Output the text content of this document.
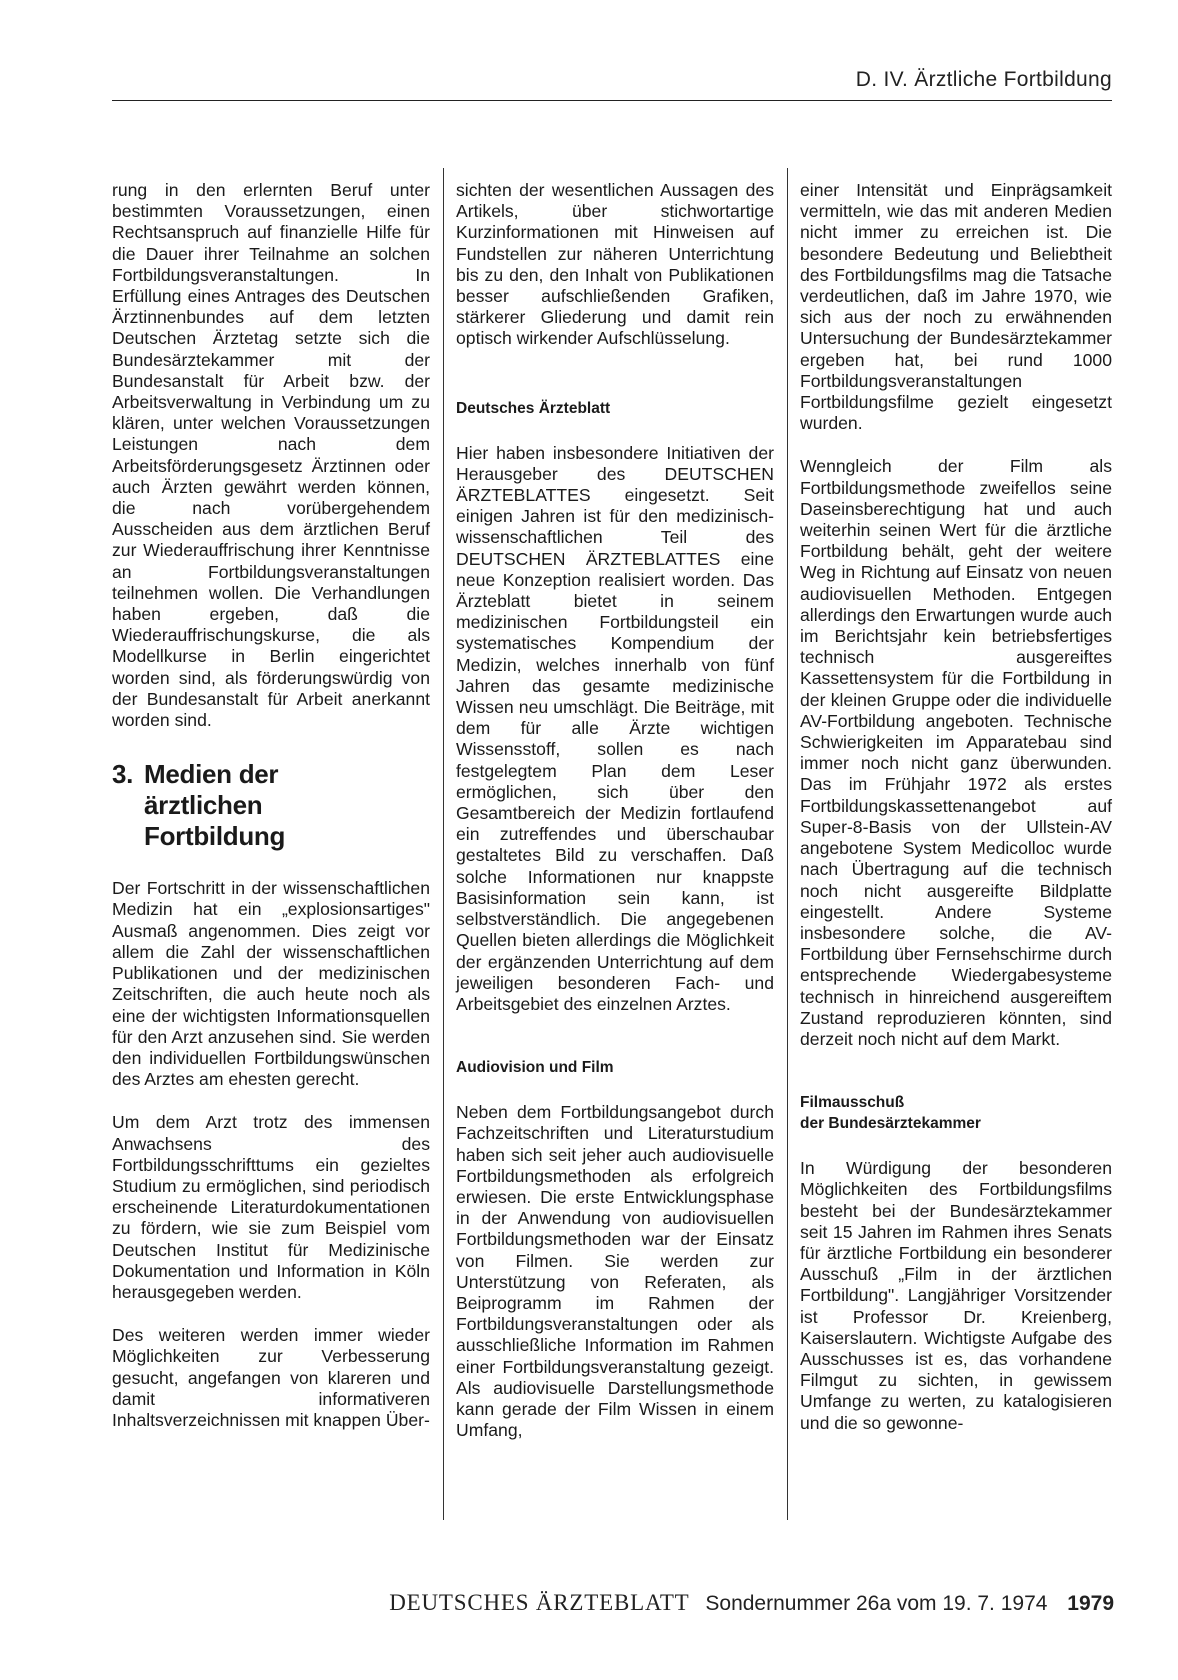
D. IV. Ärztliche Fortbildung

rung in den erlernten Beruf unter bestimmten Voraussetzungen, einen Rechtsanspruch auf finanzielle Hilfe für die Dauer ihrer Teilnahme an solchen Fortbildungsveranstaltungen. In Erfüllung eines Antrages des Deutschen Ärztinnenbundes auf dem letzten Deutschen Ärztetag setzte sich die Bundesärztekammer mit der Bundesanstalt für Arbeit bzw. der Arbeitsverwaltung in Verbindung um zu klären, unter welchen Voraussetzungen Leistungen nach dem Arbeitsförderungsgesetz Ärztinnen oder auch Ärzten gewährt werden können, die nach vorübergehendem Ausscheiden aus dem ärztlichen Beruf zur Wiederauffrischung ihrer Kenntnisse an Fortbildungsveranstaltungen teilnehmen wollen. Die Verhandlungen haben ergeben, daß die Wiederauffrischungskurse, die als Modellkurse in Berlin eingerichtet worden sind, als förderungswürdig von der Bundesanstalt für Arbeit anerkannt worden sind.

3. Medien der
ärztlichen
Fortbildung

Der Fortschritt in der wissenschaftlichen Medizin hat ein „explosionsartiges" Ausmaß angenommen. Dies zeigt vor allem die Zahl der wissenschaftlichen Publikationen und der medizinischen Zeitschriften, die auch heute noch als eine der wichtigsten Informationsquellen für den Arzt anzusehen sind. Sie werden den individuellen Fortbildungswünschen des Arztes am ehesten gerecht.

Um dem Arzt trotz des immensen Anwachsens des Fortbildungsschrifttums ein gezieltes Studium zu ermöglichen, sind periodisch erscheinende Literaturdokumentationen zu fördern, wie sie zum Beispiel vom Deutschen Institut für Medizinische Dokumentation und Information in Köln herausgegeben werden.

Des weiteren werden immer wieder Möglichkeiten zur Verbesserung gesucht, angefangen von klareren und damit informativeren Inhaltsverzeichnissen mit knappen Über-

sichten der wesentlichen Aussagen des Artikels, über stichwortartige Kurzinformationen mit Hinweisen auf Fundstellen zur näheren Unterrichtung bis zu den, den Inhalt von Publikationen besser aufschließenden Grafiken, stärkerer Gliederung und damit rein optisch wirkender Aufschlüsselung.

Deutsches Ärzteblatt

Hier haben insbesondere Initiativen der Herausgeber des DEUTSCHEN ÄRZTEBLATTES eingesetzt. Seit einigen Jahren ist für den medizinisch-wissenschaftlichen Teil des DEUTSCHEN ÄRZTEBLATTES eine neue Konzeption realisiert worden. Das Ärzteblatt bietet in seinem medizinischen Fortbildungsteil ein systematisches Kompendium der Medizin, welches innerhalb von fünf Jahren das gesamte medizinische Wissen neu umschlägt. Die Beiträge, mit dem für alle Ärzte wichtigen Wissensstoff, sollen es nach festgelegtem Plan dem Leser ermöglichen, sich über den Gesamtbereich der Medizin fortlaufend ein zutreffendes und überschaubar gestaltetes Bild zu verschaffen. Daß solche Informationen nur knappste Basisinformation sein kann, ist selbstverständlich. Die angegebenen Quellen bieten allerdings die Möglichkeit der ergänzenden Unterrichtung auf dem jeweiligen besonderen Fach- und Arbeitsgebiet des einzelnen Arztes.

Audiovision und Film

Neben dem Fortbildungsangebot durch Fachzeitschriften und Literaturstudium haben sich seit jeher auch audiovisuelle Fortbildungsmethoden als erfolgreich erwiesen. Die erste Entwicklungsphase in der Anwendung von audiovisuellen Fortbildungsmethoden war der Einsatz von Filmen. Sie werden zur Unterstützung von Referaten, als Beiprogramm im Rahmen der Fortbildungsveranstaltungen oder als ausschließliche Information im Rahmen einer Fortbildungsveranstaltung gezeigt. Als audiovisuelle Darstellungsmethode kann gerade der Film Wissen in einem Umfang,

einer Intensität und Einprägsamkeit vermitteln, wie das mit anderen Medien nicht immer zu erreichen ist. Die besondere Bedeutung und Beliebtheit des Fortbildungsfilms mag die Tatsache verdeutlichen, daß im Jahre 1970, wie sich aus der noch zu erwähnenden Untersuchung der Bundesärztekammer ergeben hat, bei rund 1000 Fortbildungsveranstaltungen Fortbildungsfilme gezielt eingesetzt wurden.

Wenngleich der Film als Fortbildungsmethode zweifellos seine Daseinsberechtigung hat und auch weiterhin seinen Wert für die ärztliche Fortbildung behält, geht der weitere Weg in Richtung auf Einsatz von neuen audiovisuellen Methoden. Entgegen allerdings den Erwartungen wurde auch im Berichtsjahr kein betriebsfertiges technisch ausgereiftes Kassettensystem für die Fortbildung in der kleinen Gruppe oder die individuelle AV-Fortbildung angeboten. Technische Schwierigkeiten im Apparatebau sind immer noch nicht ganz überwunden. Das im Frühjahr 1972 als erstes Fortbildungskassettenangebot auf Super-8-Basis von der Ullstein-AV angebotene System Medicolloc wurde nach Übertragung auf die technisch noch nicht ausgereifte Bildplatte eingestellt. Andere Systeme insbesondere solche, die AV-Fortbildung über Fernsehschirme durch entsprechende Wiedergabesysteme technisch in hinreichend ausgereiftem Zustand reproduzieren könnten, sind derzeit noch nicht auf dem Markt.

Filmausschuß
der Bundesärztekammer

In Würdigung der besonderen Möglichkeiten des Fortbildungsfilms besteht bei der Bundesärztekammer seit 15 Jahren im Rahmen ihres Senats für ärztliche Fortbildung ein besonderer Ausschuß „Film in der ärztlichen Fortbildung". Langjähriger Vorsitzender ist Professor Dr. Kreienberg, Kaiserslautern. Wichtigste Aufgabe des Ausschusses ist es, das vorhandene Filmgut zu sichten, in gewissem Umfange zu werten, zu katalogisieren und die so gewonne-

DEUTSCHES ÄRZTEBLATT Sondernummer 26a vom 19. 7. 1974 1979
